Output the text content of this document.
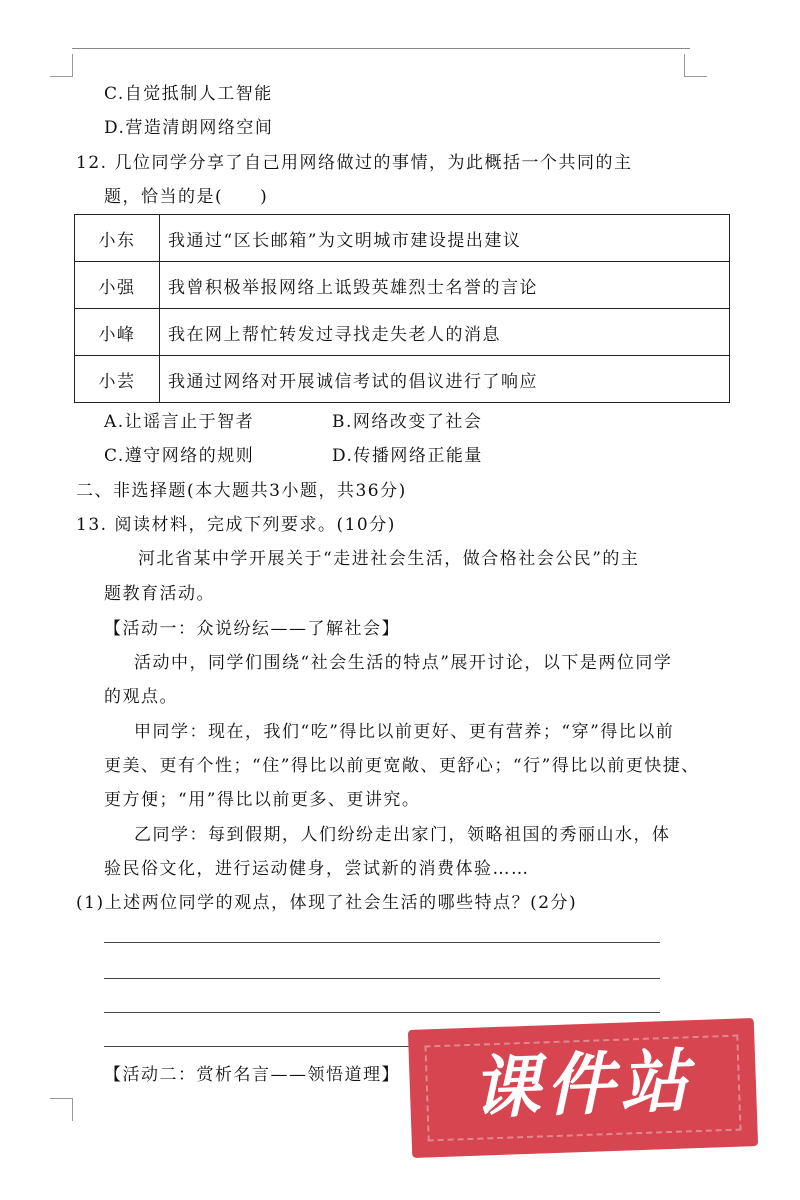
C.自觉抵制人工智能
D.营造清朗网络空间
12. 几位同学分享了自己用网络做过的事情，为此概括一个共同的主
题，恰当的是(　　)
小东	我通过“区长邮箱”为文明城市建设提出建议
小强	我曾积极举报网络上诋毁英雄烈士名誉的言论
小峰	我在网上帮忙转发过寻找走失老人的消息
小芸	我通过网络对开展诚信考试的倡议进行了响应
A.让谣言止于智者	B.网络改变了社会
C.遵守网络的规则	D.传播网络正能量
二、非选择题(本大题共3小题，共36分)
13. 阅读材料，完成下列要求。(10分)
河北省某中学开展关于“走进社会生活，做合格社会公民”的主
题教育活动。
【活动一：众说纷纭——了解社会】
活动中，同学们围绕“社会生活的特点”展开讨论，以下是两位同学
的观点。
甲同学：现在，我们“吃”得比以前更好、更有营养；“穿”得比以前
更美、更有个性；“住”得比以前更宽敞、更舒心；“行”得比以前更快捷、
更方便；“用”得比以前更多、更讲究。
乙同学：每到假期，人们纷纷走出家门，领略祖国的秀丽山水，体
验民俗文化，进行运动健身，尝试新的消费体验……
(1)上述两位同学的观点，体现了社会生活的哪些特点？(2分)
【活动二：赏析名言——领悟道理】	课件站
